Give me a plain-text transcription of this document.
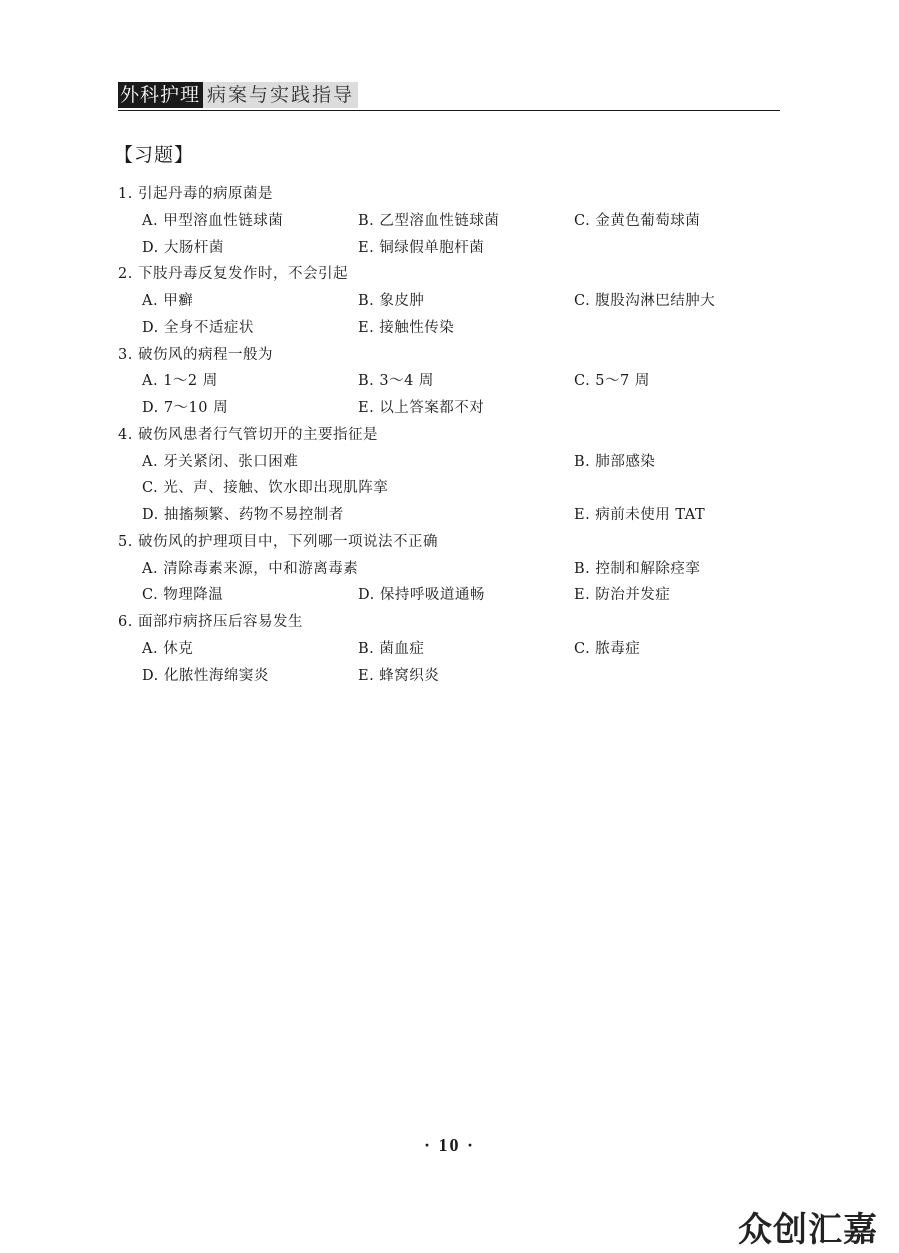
外科护理 病案与实践指导
【习题】
1. 引起丹毒的病原菌是
A. 甲型溶血性链球菌	B. 乙型溶血性链球菌	C. 金黄色葡萄球菌
D. 大肠杆菌	E. 铜绿假单胞杆菌
2. 下肢丹毒反复发作时，不会引起
A. 甲癣	B. 象皮肿	C. 腹股沟淋巴结肿大
D. 全身不适症状	E. 接触性传染
3. 破伤风的病程一般为
A. 1～2 周	B. 3～4 周	C. 5～7 周
D. 7～10 周	E. 以上答案都不对
4. 破伤风患者行气管切开的主要指征是
A. 牙关紧闭、张口困难	B. 肺部感染
C. 光、声、接触、饮水即出现肌阵挛
D. 抽搐频繁、药物不易控制者	E. 病前未使用 TAT
5. 破伤风的护理项目中，下列哪一项说法不正确
A. 清除毒素来源，中和游离毒素	B. 控制和解除痉挛
C. 物理降温	D. 保持呼吸道通畅	E. 防治并发症
6. 面部疖病挤压后容易发生
A. 休克	B. 菌血症	C. 脓毒症
D. 化脓性海绵窦炎	E. 蜂窝织炎
· 10 ·
众创汇嘉
